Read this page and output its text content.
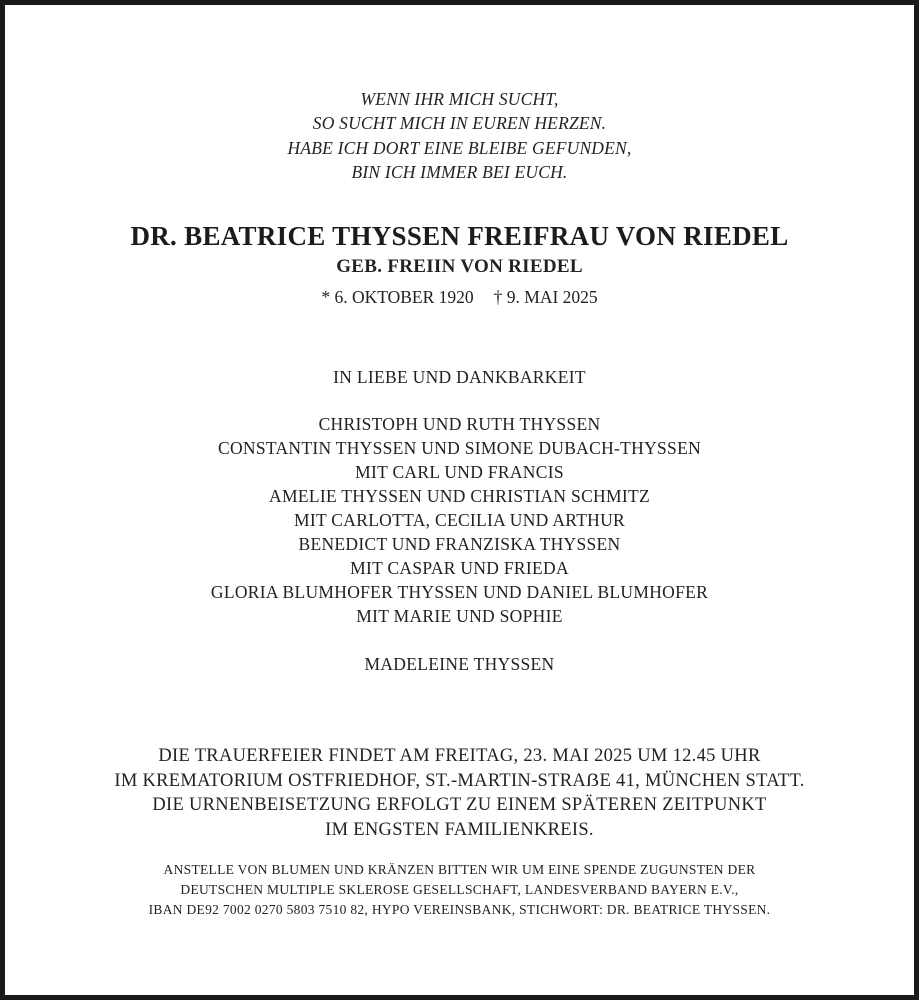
WENN IHR MICH SUCHT,
SO SUCHT MICH IN EUREN HERZEN.
HABE ICH DORT EINE BLEIBE GEFUNDEN,
BIN ICH IMMER BEI EUCH.
DR. BEATRICE THYSSEN FREIFRAU VON RIEDEL
GEB. FREIIN VON RIEDEL
* 6. OKTOBER 1920 † 9. MAI 2025
IN LIEBE UND DANKBARKEIT
CHRISTOPH UND RUTH THYSSEN
CONSTANTIN THYSSEN UND SIMONE DUBACH-THYSSEN
MIT CARL UND FRANCIS
AMELIE THYSSEN UND CHRISTIAN SCHMITZ
MIT CARLOTTA, CECILIA UND ARTHUR
BENEDICT UND FRANZISKA THYSSEN
MIT CASPAR UND FRIEDA
GLORIA BLUMHOFER THYSSEN UND DANIEL BLUMHOFER
MIT MARIE UND SOPHIE
MADELEINE THYSSEN
DIE TRAUERFEIER FINDET AM FREITAG, 23. MAI 2025 UM 12.45 UHR
IM KREMATORIUM OSTFRIEDHOF, ST.-MARTIN-STRAẞE 41, MÜNCHEN STATT.
DIE URNENBEISETZUNG ERFOLGT ZU EINEM SPÄTEREN ZEITPUNKT
IM ENGSTEN FAMILIENKREIS.
ANSTELLE VON BLUMEN UND KRÄNZEN BITTEN WIR UM EINE SPENDE ZUGUNSTEN DER
DEUTSCHEN MULTIPLE SKLEROSE GESELLSCHAFT, LANDESVERBAND BAYERN E.V.,
IBAN DE92 7002 0270 5803 7510 82, HYPO VEREINSBANK, STICHWORT: DR. BEATRICE THYSSEN.
